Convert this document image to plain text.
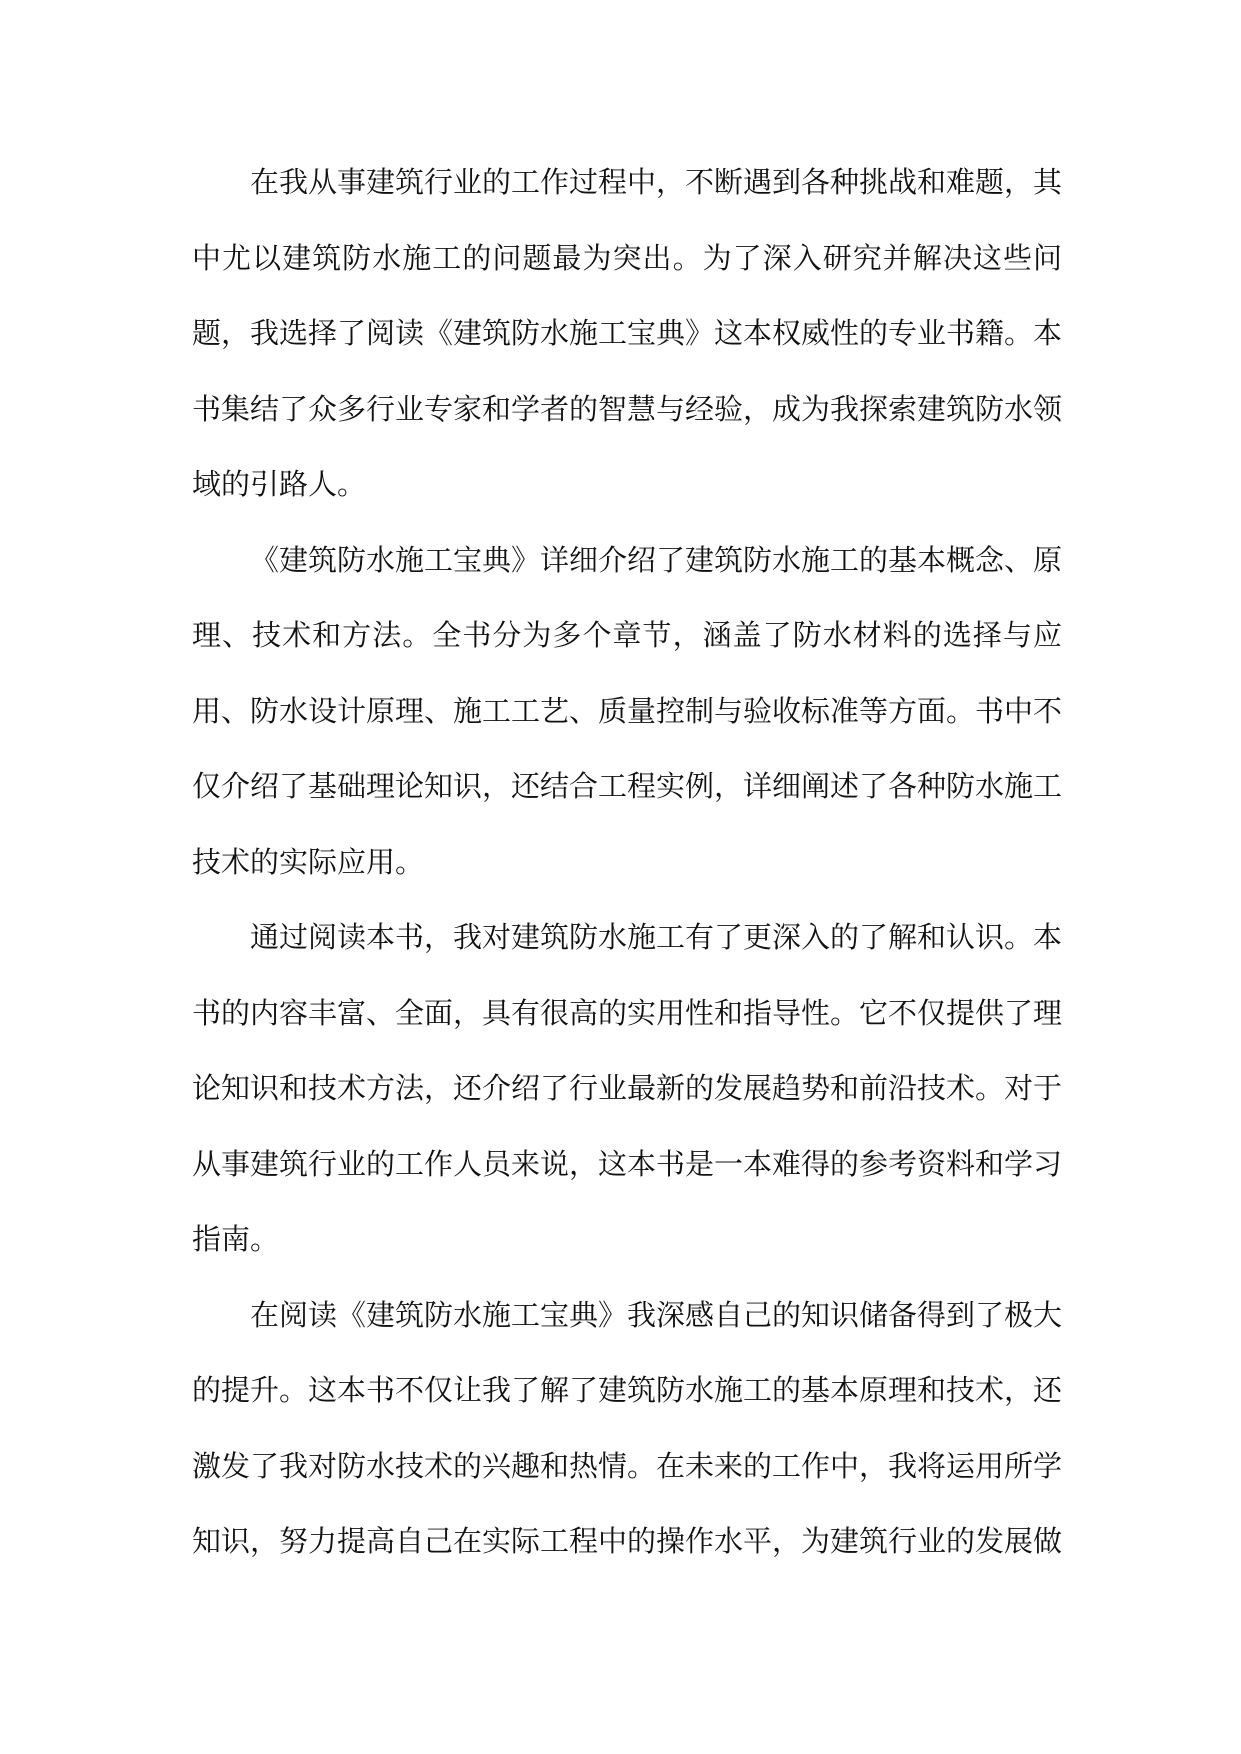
在我从事建筑行业的工作过程中，不断遇到各种挑战和难题，其中尤以建筑防水施工的问题最为突出。为了深入研究并解决这些问题，我选择了阅读《建筑防水施工宝典》这本权威性的专业书籍。本书集结了众多行业专家和学者的智慧与经验，成为我探索建筑防水领域的引路人。

《建筑防水施工宝典》详细介绍了建筑防水施工的基本概念、原理、技术和方法。全书分为多个章节，涵盖了防水材料的选择与应用、防水设计原理、施工工艺、质量控制与验收标准等方面。书中不仅介绍了基础理论知识，还结合工程实例，详细阐述了各种防水施工技术的实际应用。

通过阅读本书，我对建筑防水施工有了更深入的了解和认识。本书的内容丰富、全面，具有很高的实用性和指导性。它不仅提供了理论知识和技术方法，还介绍了行业最新的发展趋势和前沿技术。对于从事建筑行业的工作人员来说，这本书是一本难得的参考资料和学习指南。

在阅读《建筑防水施工宝典》我深感自己的知识储备得到了极大的提升。这本书不仅让我了解了建筑防水施工的基本原理和技术，还激发了我对防水技术的兴趣和热情。在未来的工作中，我将运用所学知识，努力提高自己在实际工程中的操作水平，为建筑行业的发展做
